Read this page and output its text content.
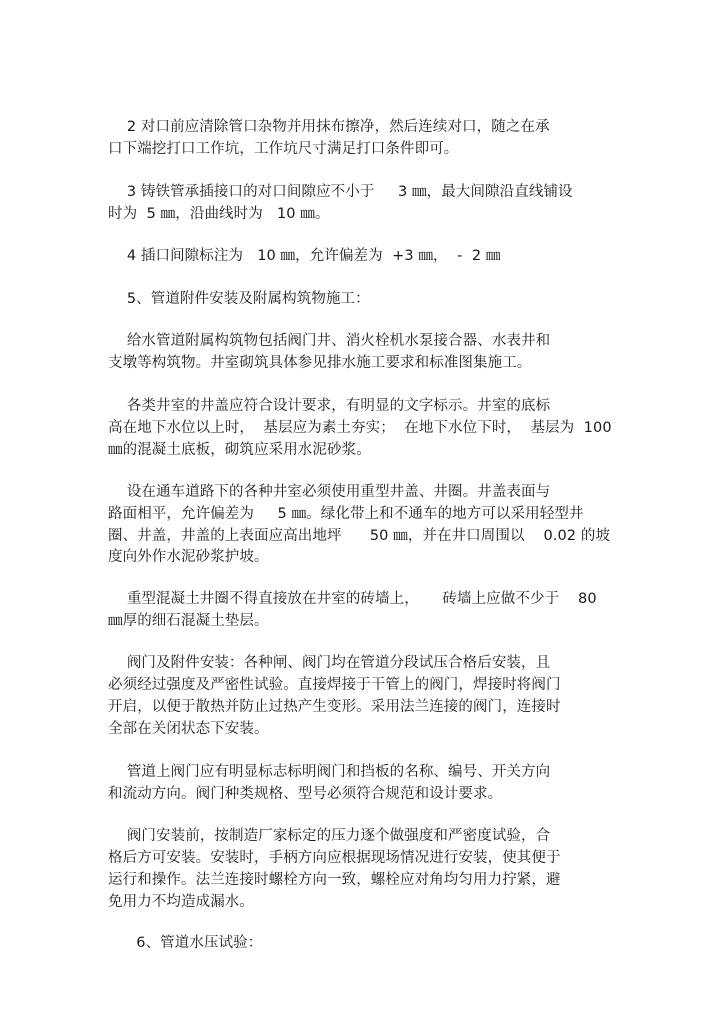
2 对口前应清除管口杂物并用抹布擦净，然后连续对口，随之在承
口下端挖打口工作坑，工作坑尺寸满足打口条件即可。
3 铸铁管承插接口的对口间隙应不小于     3 ㎜，最大间隙沿直线铺设
时为  5 ㎜，沿曲线时为   10 ㎜。
4 插口间隙标注为   10 ㎜，允许偏差为  +3 ㎜，  -  2 ㎜
5、管道附件安装及附属构筑物施工：
给水管道附属构筑物包括阀门井、消火栓机水泵接合器、水表井和
支墩等构筑物。井室砌筑具体参见排水施工要求和标准图集施工。
各类井室的井盖应符合设计要求，有明显的文字标示。井室的底标
高在地下水位以上时，  基层应为素土夯实；  在地下水位下时，  基层为  100
㎜的混凝土底板，砌筑应采用水泥砂浆。
设在通车道路下的各种井室必须使用重型井盖、井圈。井盖表面与
路面相平，允许偏差为     5 ㎜。绿化带上和不通车的地方可以采用轻型井
圈、井盖，井盖的上表面应高出地坪      50 ㎜，并在井口周围以    0.02 的坡
度向外作水泥砂浆护坡。
重型混凝土井圈不得直接放在井室的砖墙上，     砖墙上应做不少于    80
㎜厚的细石混凝土垫层。
阀门及附件安装：各种闸、阀门均在管道分段试压合格后安装，且
必须经过强度及严密性试验。直接焊接于干管上的阀门，焊接时将阀门
开启，以便于散热并防止过热产生变形。采用法兰连接的阀门，连接时
全部在关闭状态下安装。
管道上阀门应有明显标志标明阀门和挡板的名称、编号、开关方向
和流动方向。阀门种类规格、型号必须符合规范和设计要求。
阀门安装前，按制造厂家标定的压力逐个做强度和严密度试验，合
格后方可安装。安装时，手柄方向应根据现场情况进行安装，使其便于
运行和操作。法兰连接时螺栓方向一致，螺栓应对角均匀用力拧紧，避
免用力不均造成漏水。
6、管道水压试验：
